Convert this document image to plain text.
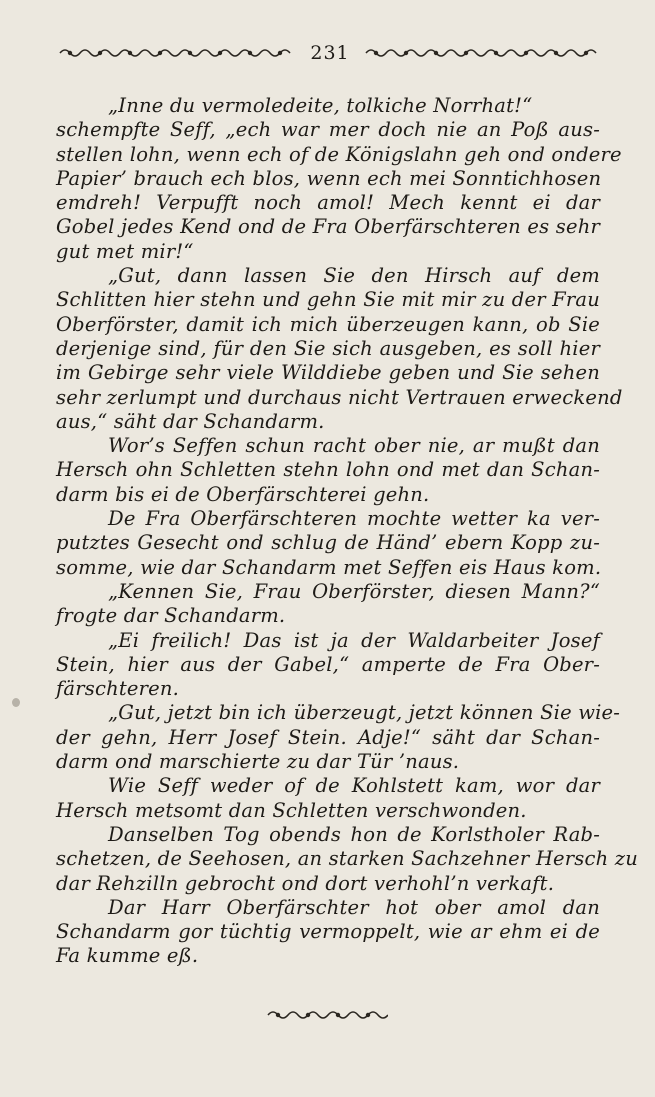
231
„Inne du vermoledeite, tolkiche Norrhat!“
schempfte Seff, „ech war mer doch nie an Poß aus-
stellen lohn, wenn ech of de Königslahn geh ond ondere
Papier’ brauch ech blos, wenn ech mei Sonntichhosen
emdreh! Verpufft noch amol! Mech kennt ei dar
Gobel jedes Kend ond de Fra Oberfärschteren es sehr
gut met mir!“
„Gut, dann lassen Sie den Hirsch auf dem
Schlitten hier stehn und gehn Sie mit mir zu der Frau
Oberförster, damit ich mich überzeugen kann, ob Sie
derjenige sind, für den Sie sich ausgeben, es soll hier
im Gebirge sehr viele Wilddiebe geben und Sie sehen
sehr zerlumpt und durchaus nicht Vertrauen erweckend
aus,“ säht dar Schandarm.
Wor’s Seffen schun racht ober nie, ar mußt dan
Hersch ohn Schletten stehn lohn ond met dan Schan-
darm bis ei de Oberfärschterei gehn.
De Fra Oberfärschteren mochte wetter ka ver-
putztes Gesecht ond schlug de Händ’ ebern Kopp zu-
somme, wie dar Schandarm met Seffen eis Haus kom.
„Kennen Sie, Frau Oberförster, diesen Mann?“
frogte dar Schandarm.
„Ei freilich! Das ist ja der Waldarbeiter Josef
Stein, hier aus der Gabel,“ amperte de Fra Ober-
färschteren.
„Gut, jetzt bin ich überzeugt, jetzt können Sie wie-
der gehn, Herr Josef Stein. Adje!“ säht dar Schan-
darm ond marschierte zu dar Tür ’naus.
Wie Seff weder of de Kohlstett kam, wor dar
Hersch metsomt dan Schletten verschwonden.
Danselben Tog obends hon de Korlstholer Rab-
schetzen, de Seehosen, an starken Sachzehner Hersch zu
dar Rehzilln gebrocht ond dort verhohl’n verkaft.
Dar Harr Oberfärschter hot ober amol dan
Schandarm gor tüchtig vermoppelt, wie ar ehm ei de
Fa kumme eß.
